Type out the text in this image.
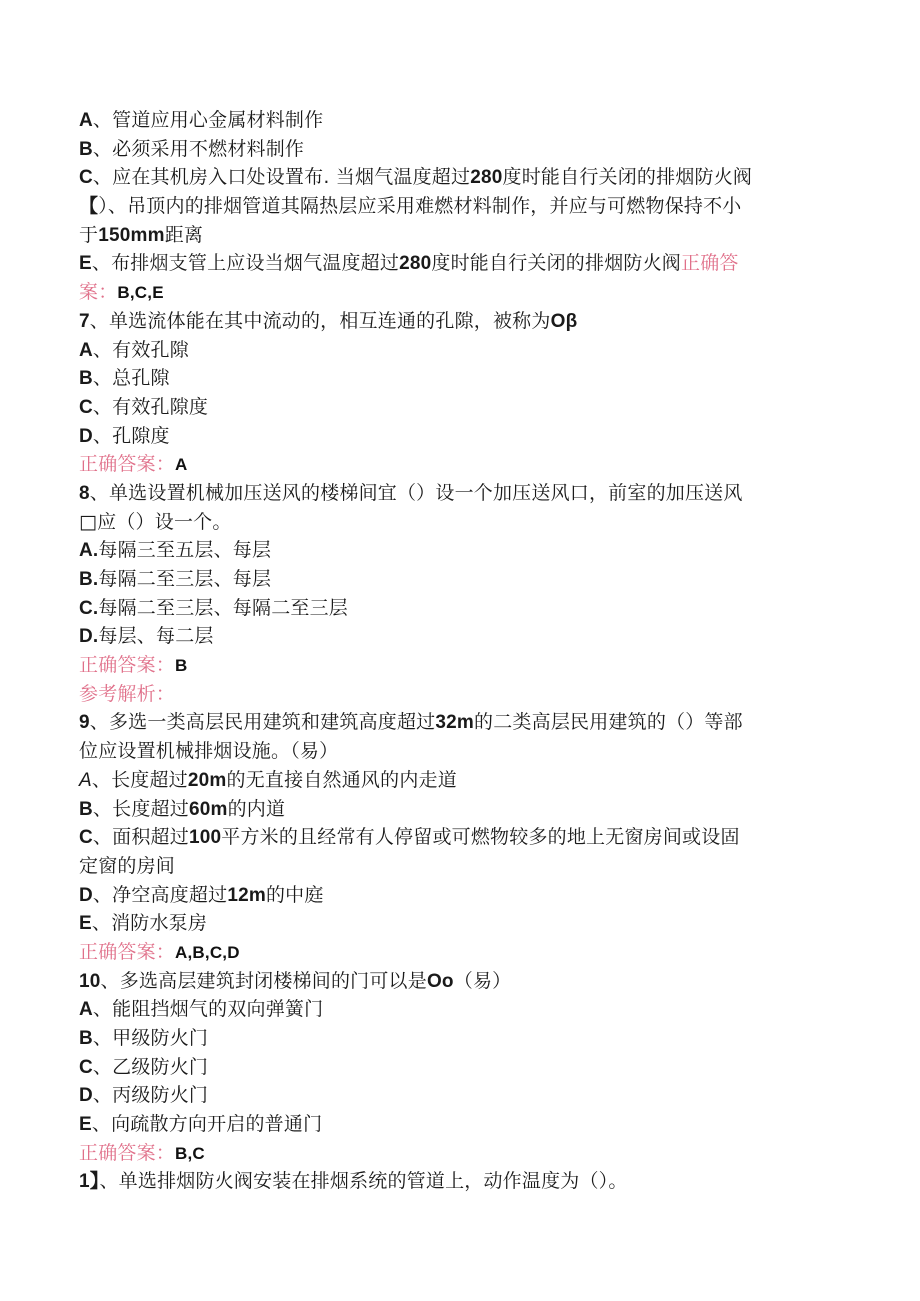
A、管道应用心金属材料制作
B、必须采用不燃材料制作
C、应在其机房入口处设置布. 当烟气温度超过280度时能自行关闭的排烟防火阀
【）、吊顶内的排烟管道其隔热层应采用难燃材料制作，并应与可燃物保持不小
于150mm距离
E、布排烟支管上应设当烟气温度超过280度时能自行关闭的排烟防火阀正确答
案：B,C,E
7、单选流体能在其中流动的，相互连通的孔隙，被称为Oβ
A、有效孔隙
B、总孔隙
C、有效孔隙度
D、孔隙度
正确答案：A
8、单选设置机械加压送风的楼梯间宜（）设一个加压送风口，前室的加压送风
□应（）设一个。
A.每隔三至五层、每层
B.每隔二至三层、每层
C.每隔二至三层、每隔二至三层
D.每层、每二层
正确答案：B
参考解析：
9、多选一类高层民用建筑和建筑高度超过32m的二类高层民用建筑的（）等部
位应设置机械排烟设施。（易）
A、长度超过20m的无直接自然通风的内走道
B、长度超过60m的内道
C、面积超过100平方米的且经常有人停留或可燃物较多的地上无窗房间或设固
定窗的房间
D、净空高度超过12m的中庭
E、消防水泵房
正确答案：A,B,C,D
10、多选高层建筑封闭楼梯间的门可以是Oo（易）
A、能阻挡烟气的双向弹簧门
B、甲级防火门
C、乙级防火门
D、丙级防火门
E、向疏散方向开启的普通门
正确答案：B,C
1】、单选排烟防火阀安装在排烟系统的管道上，动作温度为（）。
